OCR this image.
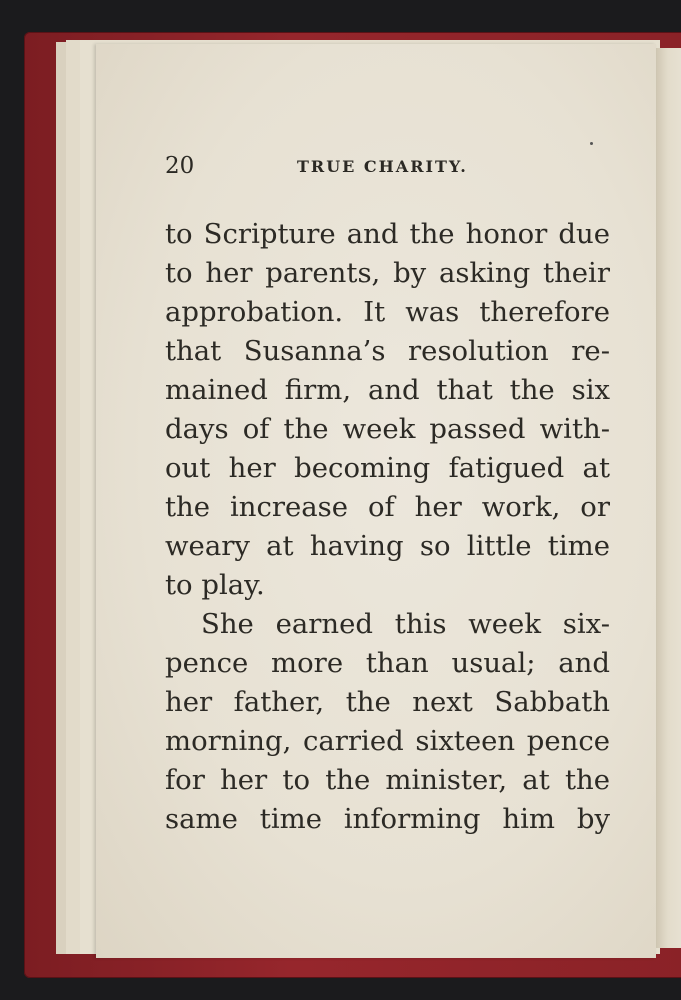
20	TRUE CHARITY.
to Scripture and the honor due
to her parents, by asking their
approbation. It was therefore
that Susanna’s resolution re-
mained firm, and that the six
days of the week passed with-
out her becoming fatigued at
the increase of her work, or
weary at having so little time
to play.
She earned this week six-
pence more than usual; and
her father, the next Sabbath
morning, carried sixteen pence
for her to the minister, at the
same time informing him by
